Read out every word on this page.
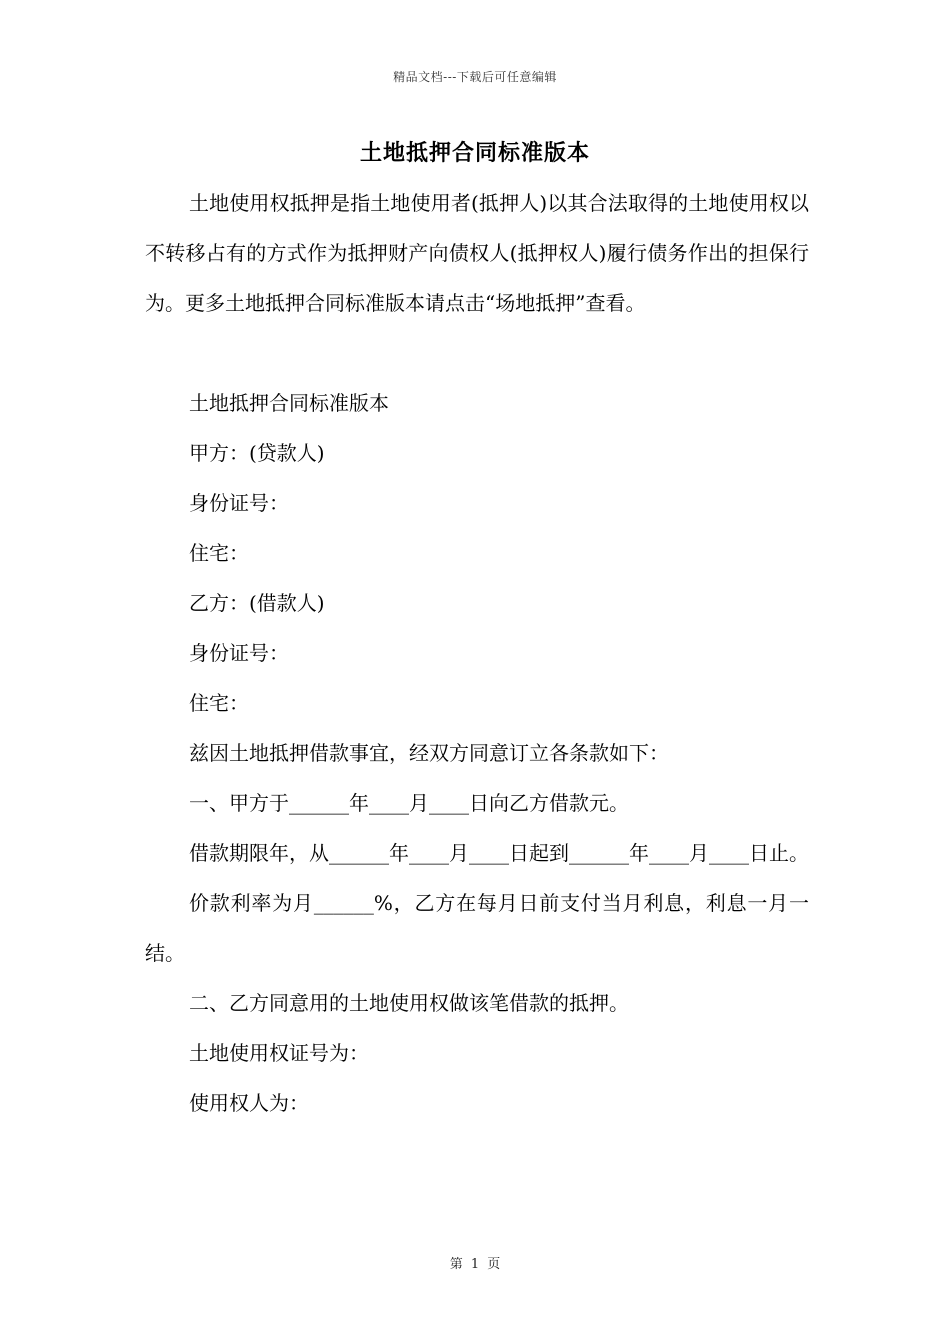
精品文档---下载后可任意编辑
土地抵押合同标准版本

土地使用权抵押是指土地使用者(抵押人)以其合法取得的土地使用权以不转移占有的方式作为抵押财产向债权人(抵押权人)履行债务作出的担保行为。更多土地抵押合同标准版本请点击“场地抵押”查看。

土地抵押合同标准版本

甲方：(贷款人)

身份证号：

住宅：

乙方：(借款人)

身份证号：

住宅：

兹因土地抵押借款事宜，经双方同意订立各条款如下：

一、甲方于______年____月____日向乙方借款元。

借款期限年，从______年____月____日起到______年____月____日止。

价款利率为月______%，乙方在每月日前支付当月利息，利息一月一结。

二、乙方同意用的土地使用权做该笔借款的抵押。

土地使用权证号为：

使用权人为：

第 1 页
